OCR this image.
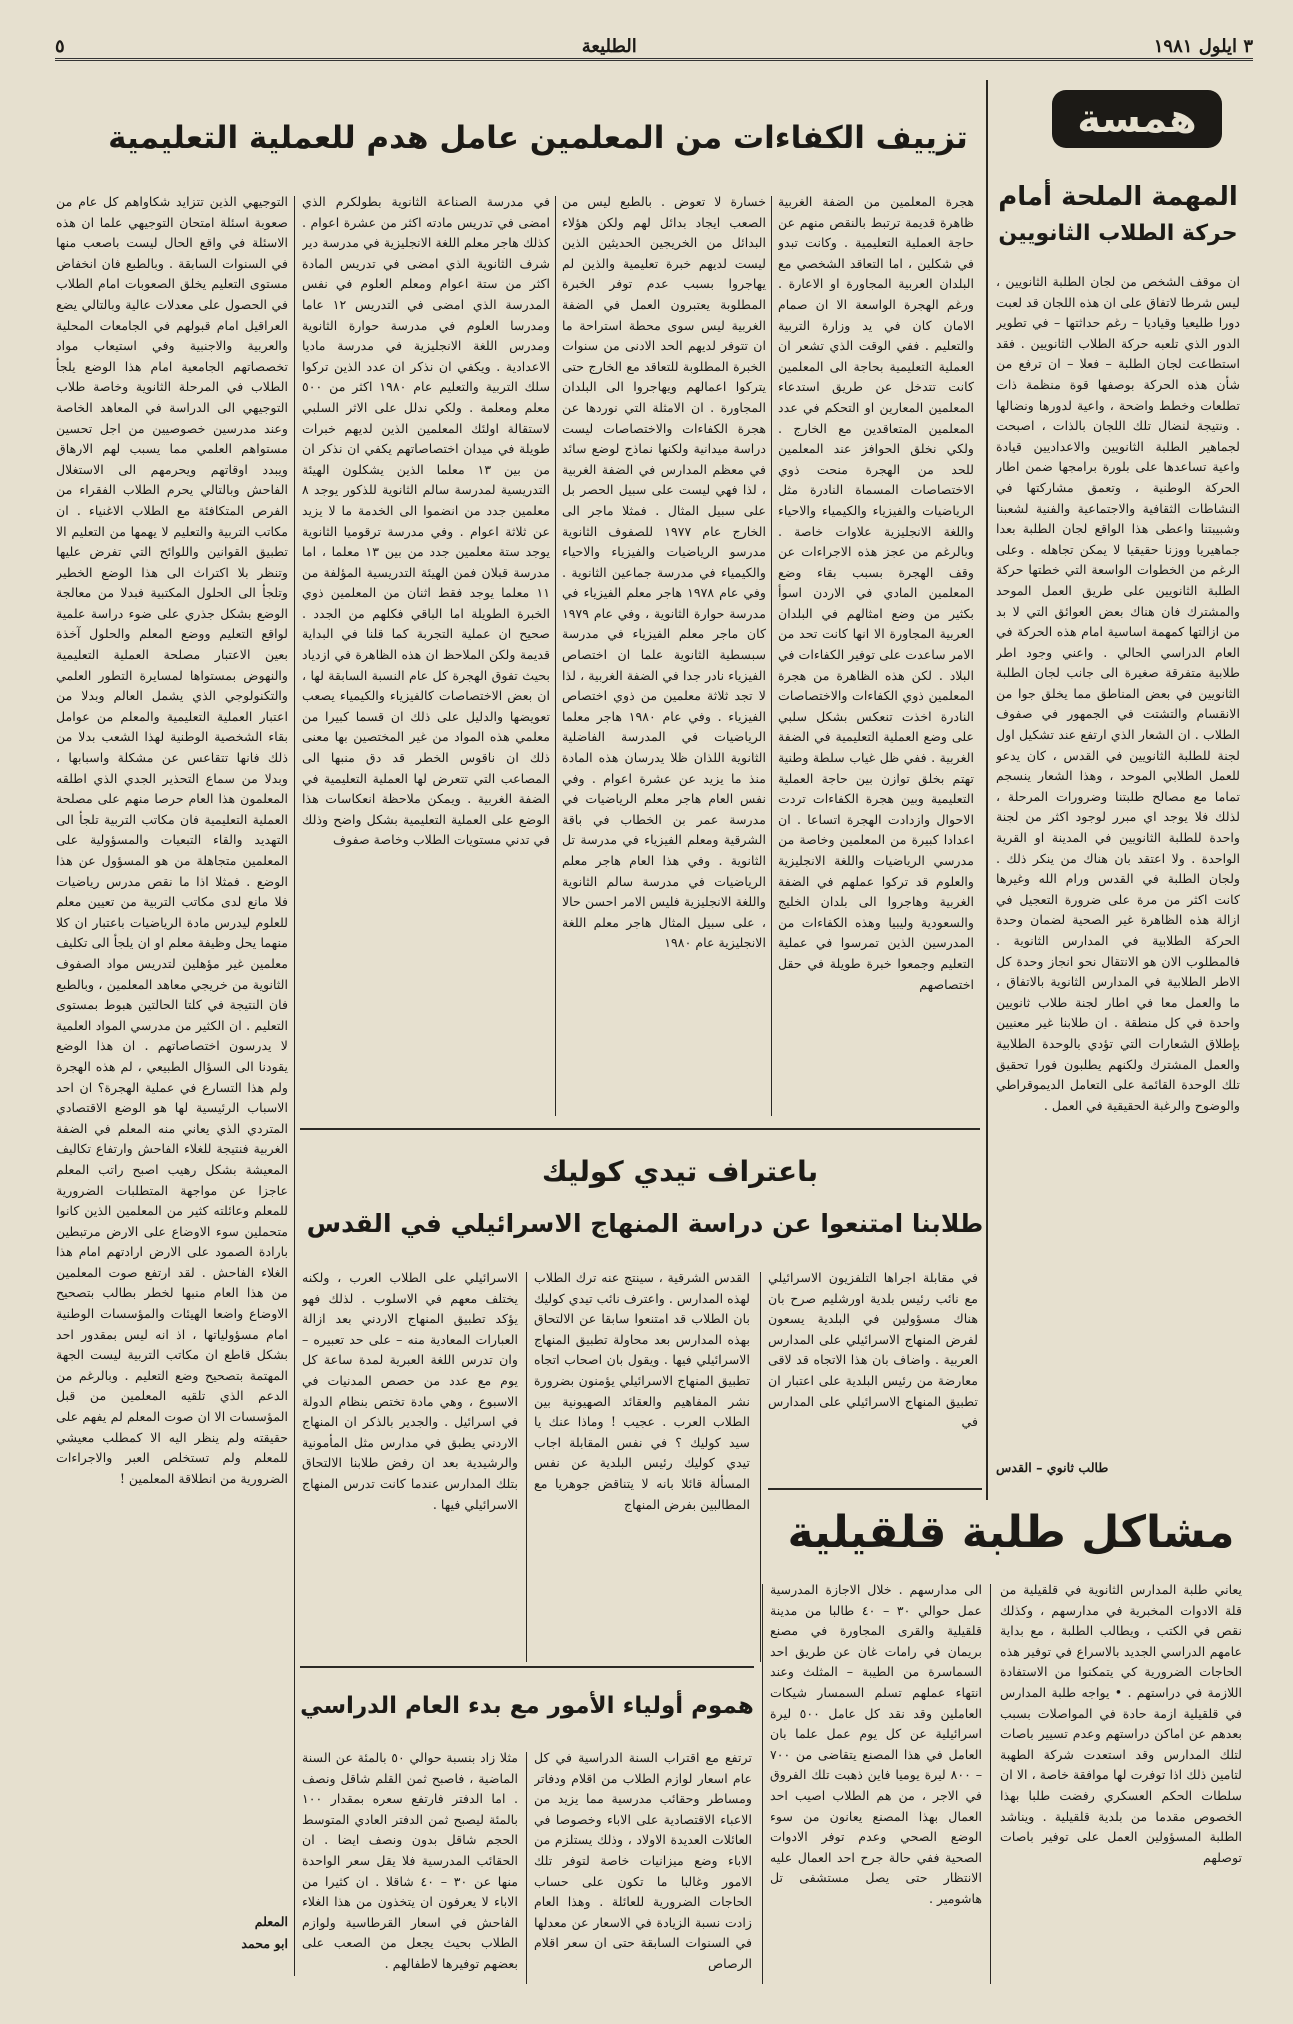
٣ ايلول ١٩٨١
الطليعة
٥
همسة
المهمة الملحة أمام
حركة الطلاب الثانويين

ان موقف الشخص من لجان الطلبة الثانويين ، ليس شرطا لاتفاق على ان هذه اللجان قد لعبت دورا طليعيا وقياديا – رغم حداثتها – في تطوير الدور الذي تلعبه حركة الطلاب الثانويين . فقد استطاعت لجان الطلبة – فعلا – ان ترفع من شأن هذه الحركة بوصفها قوة منظمة ذات تطلعات وخطط واضحة ، واعية لدورها ونضالها . ونتيجة لنضال تلك اللجان بالذات ، اصبحت لجماهير الطلبة الثانويين والاعداديين قيادة واعية تساعدها على بلورة برامجها ضمن اطار الحركة الوطنية ، وتعمق مشاركتها في النشاطات الثقافية والاجتماعية والفنية لشعبنا وشبيبتنا واعطى هذا الواقع لجان الطلبة بعدا جماهيريا ووزنا حقيقيا لا يمكن تجاهله . وعلى الرغم من الخطوات الواسعة التي خطتها حركة الطلبة الثانويين على طريق العمل الموحد والمشترك فان هناك بعض العوائق التي لا بد من ازالتها كمهمة اساسية امام هذه الحركة في العام الدراسي الحالي . واعني وجود اطر طلابية متفرقة صغيرة الى جانب لجان الطلبة الثانويين في بعض المناطق مما يخلق جوا من الانقسام والتشتت في الجمهور في صفوف الطلاب . ان الشعار الذي ارتفع عند تشكيل اول لجنة للطلبة الثانويين في القدس ، كان يدعو للعمل الطلابي الموحد ، وهذا الشعار ينسجم تماما مع مصالح طلبتنا وضرورات المرحلة ، لذلك فلا يوجد اي مبرر لوجود اكثر من لجنة واحدة للطلبة الثانويين في المدينة او القرية الواحدة . ولا اعتقد بان هناك من ينكر ذلك . ولجان الطلبة في القدس ورام الله وغيرها كانت اكثر من مرة على ضرورة التعجيل في ازالة هذه الظاهرة غير الصحية لضمان وحدة الحركة الطلابية في المدارس الثانوية . فالمطلوب الان هو الانتقال نحو انجاز وحدة كل الاطر الطلابية في المدارس الثانوية بالاتفاق ، ما والعمل معا في اطار لجنة طلاب ثانويين واحدة في كل منطقة . ان طلابنا غير معنيين بإطلاق الشعارات التي تؤدي بالوحدة الطلابية والعمل المشترك ولكنهم يطلبون فورا تحقيق تلك الوحدة القائمة على التعامل الديموقراطي والوضوح والرغبة الحقيقية في العمل .

طالب ثانوي – القدس
تزييف الكفاءات من المعلمين عامل هدم للعملية التعليمية

هجرة المعلمين من الضفة الغربية ظاهرة قديمة ترتبط بالنقص منهم عن حاجة العملية التعليمية . وكانت تبدو في شكلين ، اما التعاقد الشخصي مع البلدان العربية المجاورة او الاعارة . ورغم الهجرة الواسعة الا ان صمام الامان كان في يد وزارة التربية والتعليم . ففي الوقت الذي تشعر ان العملية التعليمية بحاجة الى المعلمين كانت تتدخل عن طريق استدعاء المعلمين المعارين او التحكم في عدد المعلمين المتعاقدين مع الخارج . ولكي نخلق الحوافز عند المعلمين للحد من الهجرة منحت ذوي الاختصاصات المسماة النادرة مثل الرياضيات والفيزياء والكيمياء والاحياء واللغة الانجليزية علاوات خاصة . وبالرغم من عجز هذه الاجراءات عن وقف الهجرة بسبب بقاء وضع المعلمين المادي في الاردن اسوأ بكثير من وضع امثالهم في البلدان العربية المجاورة الا انها كانت تحد من الامر ساعدت على توفير الكفاءات في البلاد . لكن هذه الظاهرة من هجرة المعلمين ذوي الكفاءات والاختصاصات النادرة اخذت تنعكس بشكل سلبي على وضع العملية التعليمية في الضفة الغربية . ففي ظل غياب سلطة وطنية تهتم بخلق توازن بين حاجة العملية التعليمية وبين هجرة الكفاءات تردت الاحوال وازدادت الهجرة اتساعا . ان اعدادا كبيرة من المعلمين وخاصة من مدرسي الرياضيات واللغة الانجليزية والعلوم قد تركوا عملهم في الضفة الغربية وهاجروا الى بلدان الخليج والسعودية وليبيا وهذه الكفاءات من المدرسين الذين تمرسوا في عملية التعليم وجمعوا خبرة طويلة في حقل اختصاصهم

خسارة لا تعوض . بالطبع ليس من الصعب ايجاد بدائل لهم ولكن هؤلاء البدائل من الخريجين الحديثين الذين ليست لديهم خبرة تعليمية والذين لم يهاجروا بسبب عدم توفر الخبرة المطلوبة يعتبرون العمل في الضفة الغربية ليس سوى محطة استراحة ما ان تتوفر لديهم الحد الادنى من سنوات الخبرة المطلوبة للتعاقد مع الخارج حتى يتركوا اعمالهم ويهاجروا الى البلدان المجاورة . ان الامثلة التي نوردها عن هجرة الكفاءات والاختصاصات ليست دراسة ميدانية ولكنها نماذج لوضع سائد في معظم المدارس في الضفة الغربية ، لذا فهي ليست على سبيل الحصر بل على سبيل المثال . فمثلا ماجر الى الخارج عام ١٩٧٧ للصفوف الثانوية مدرسو الرياضيات والفيزياء والاحياء والكيمياء في مدرسة جماعين الثانوية . وفي عام ١٩٧٨ هاجر معلم الفيزياء في مدرسة حوارة الثانوية ، وفي عام ١٩٧٩ كان ماجر معلم الفيزياء في مدرسة سبسطية الثانوية علما ان اختصاص الفيزياء نادر جدا في الضفة الغربية ، لذا لا تجد ثلاثة معلمين من ذوي اختصاص الفيزياء . وفي عام ١٩٨٠ هاجر معلما الرياضيات في المدرسة الفاضلية الثانوية اللذان ظلا يدرسان هذه المادة منذ ما يزيد عن عشرة اعوام . وفي نفس العام هاجر معلم الرياضيات في مدرسة عمر بن الخطاب في باقة الشرقية ومعلم الفيزياء في مدرسة تل الثانوية . وفي هذا العام هاجر معلم الرياضيات في مدرسة سالم الثانوية واللغة الانجليزية فليس الامر احسن حالا ، على سبيل المثال هاجر معلم اللغة الانجليزية عام ١٩٨٠

في مدرسة الصناعة الثانوية بطولكرم الذي امضى في تدريس مادته اكثر من عشرة اعوام . كذلك هاجر معلم اللغة الانجليزية في مدرسة دير شرف الثانوية الذي امضى في تدريس المادة اكثر من ستة اعوام ومعلم العلوم في نفس المدرسة الذي امضى في التدريس ١٢ عاما ومدرسا العلوم في مدرسة حوارة الثانوية ومدرس اللغة الانجليزية في مدرسة ماديا الاعدادية . ويكفي ان نذكر ان عدد الذين تركوا سلك التربية والتعليم عام ١٩٨٠ اكثر من ٥٠٠ معلم ومعلمة . ولكي ندلل على الاثر السلبي لاستقالة اولئك المعلمين الذين لديهم خبرات طويلة في ميدان اختصاصاتهم يكفي ان نذكر ان من بين ١٣ معلما الذين يشكلون الهيئة التدريسية لمدرسة سالم الثانوية للذكور يوجد ٨ معلمين جدد من انضموا الى الخدمة ما لا يزيد عن ثلاثة اعوام . وفي مدرسة ترقوميا الثانوية يوجد ستة معلمين جدد من بين ١٣ معلما ، اما مدرسة قبلان فمن الهيئة التدريسية المؤلفة من ١١ معلما يوجد فقط اثنان من المعلمين ذوي الخبرة الطويلة اما الباقي فكلهم من الجدد . صحيح ان عملية التجربة كما قلنا في البداية قديمة ولكن الملاحظ ان هذه الظاهرة في ازدياد بحيث تفوق الهجرة كل عام النسبة السابقة لها ، ان بعض الاختصاصات كالفيزياء والكيمياء يصعب تعويضها والدليل على ذلك ان قسما كبيرا من معلمي هذه المواد من غير المختصين بها معنى ذلك ان ناقوس الخطر قد دق منبها الى المصاعب التي تتعرض لها العملية التعليمية في الضفة الغربية . ويمكن ملاحظة انعكاسات هذا الوضع على العملية التعليمية بشكل واضح وذلك في تدني مستويات الطلاب وخاصة صفوف

التوجيهي الذين تتزايد شكاواهم كل عام من صعوبة اسئلة امتحان التوجيهي علما ان هذه الاسئلة في واقع الحال ليست باصعب منها في السنوات السابقة . وبالطبع فان انخفاض مستوى التعليم يخلق الصعوبات امام الطلاب في الحصول على معدلات عالية وبالتالي يضع العراقيل امام قبولهم في الجامعات المحلية والعربية والاجنبية وفي استيعاب مواد تخصصاتهم الجامعية امام هذا الوضع يلجأ الطلاب في المرحلة الثانوية وخاصة طلاب التوجيهي الى الدراسة في المعاهد الخاصة وعند مدرسين خصوصيين من اجل تحسين مستواهم العلمي مما يسبب لهم الارهاق ويبدد اوقاتهم ويحرمهم الى الاستغلال الفاحش وبالتالي يحرم الطلاب الفقراء من الفرص المتكافئة مع الطلاب الاغنياء . ان مكاتب التربية والتعليم لا يهمها من التعليم الا تطبيق القوانين واللوائح التي تفرض عليها وتنظر بلا اكتراث الى هذا الوضع الخطير وتلجأ الى الحلول المكتبية فبدلا من معالجة الوضع بشكل جذري على ضوء دراسة علمية لواقع التعليم ووضع المعلم والحلول آخذة بعين الاعتبار مصلحة العملية التعليمية والنهوض بمستواها لمسايرة التطور العلمي والتكنولوجي الذي يشمل العالم وبدلا من اعتبار العملية التعليمية والمعلم من عوامل بقاء الشخصية الوطنية لهذا الشعب بدلا من ذلك فانها تتقاعس عن مشكلة واسبابها ، وبدلا من سماع التحذير الجدي الذي اطلقه المعلمون هذا العام حرصا منهم على مصلحة العملية التعليمية فان مكاتب التربية تلجأ الى التهديد والقاء التبعيات والمسؤولية على المعلمين متجاهلة من هو المسؤول عن هذا الوضع . فمثلا اذا ما نقص مدرس رياضيات فلا مانع لدى مكاتب التربية من تعيين معلم للعلوم ليدرس مادة الرياضيات باعتبار ان كلا منهما يحل وظيفة معلم او ان يلجأ الى تكليف معلمين غير مؤهلين لتدريس مواد الصفوف الثانوية من خريجي معاهد المعلمين ، وبالطبع فان النتيجة في كلتا الحالتين هبوط بمستوى التعليم . ان الكثير من مدرسي المواد العلمية لا يدرسون اختصاصاتهم . ان هذا الوضع يقودنا الى السؤال الطبيعي ، لم هذه الهجرة ولم هذا التسارع في عملية الهجرة؟ ان احد الاسباب الرئيسية لها هو الوضع الاقتصادي المتردي الذي يعاني منه المعلم في الضفة الغربية فنتيجة للغلاء الفاحش وارتفاع تكاليف المعيشة بشكل رهيب اصبح راتب المعلم عاجزا عن مواجهة المتطلبات الضرورية للمعلم وعائلته كثير من المعلمين الذين كانوا متحملين سوء الاوضاع على الارض مرتبطين بارادة الصمود على الارض ارادتهم امام هذا الغلاء الفاحش . لقد ارتفع صوت المعلمين من هذا العام منبها لخطر بطالب بتصحيح الاوضاع واضعا الهيئات والمؤسسات الوطنية امام مسؤولياتها ، اذ انه ليس بمقدور احد بشكل قاطع ان مكاتب التربية ليست الجهة المهتمة بتصحيح وضع التعليم . وبالرغم من الدعم الذي تلقيه المعلمين من قبل المؤسسات الا ان صوت المعلم لم يفهم على حقيقته ولم ينظر اليه الا كمطلب معيشي للمعلم ولم تستخلص العبر والاجراءات الضرورية من انطلاقة المعلمين !

المعلم
ابو محمد
باعتراف تيدي كوليك
طلابنا امتنعوا عن دراسة المنهاج الاسرائيلي في القدس

في مقابلة اجراها التلفزيون الاسرائيلي مع نائب رئيس بلدية اورشليم صرح بان هناك مسؤولين في البلدية يسعون لفرض المنهاج الاسرائيلي على المدارس العربية . واضاف بان هذا الاتجاه قد لاقى معارضة من رئيس البلدية على اعتبار ان تطبيق المنهاج الاسرائيلي على المدارس في

القدس الشرقية ، سينتج عنه ترك الطلاب لهذه المدارس . واعترف نائب تيدي كوليك بان الطلاب قد امتنعوا سابقا عن الالتحاق بهذه المدارس بعد محاولة تطبيق المنهاج الاسرائيلي فيها . ويقول بان اصحاب اتجاه تطبيق المنهاج الاسرائيلي يؤمنون بضرورة نشر المفاهيم والعقائد الصهيونية بين الطلاب العرب . عجيب ! وماذا عنك يا سيد كوليك ؟ في نفس المقابلة اجاب تيدي كوليك رئيس البلدية عن نفس المسألة قائلا بانه لا يتناقض جوهريا مع المطالبين بفرض المنهاج

الاسرائيلي على الطلاب العرب ، ولكنه يختلف معهم في الاسلوب . لذلك فهو يؤكد تطبيق المنهاج الاردني بعد ازالة العبارات المعادية منه – على حد تعبيره – وان تدرس اللغة العبرية لمدة ساعة كل يوم مع عدد من حصص المدنيات في الاسبوع ، وهي مادة تختص بنظام الدولة في اسرائيل . والجدير بالذكر ان المنهاج الاردني يطبق في مدارس مثل المأمونية والرشيدية بعد ان رفض طلابنا الالتحاق بتلك المدارس عندما كانت تدرس المنهاج الاسرائيلي فيها .

مشاكل طلبة قلقيلية

يعاني طلبة المدارس الثانوية في قلقيلية من قلة الادوات المخبرية في مدارسهم ، وكذلك نقص في الكتب ، ويطالب الطلبة ، مع بداية عامهم الدراسي الجديد بالاسراع في توفير هذه الحاجات الضرورية كي يتمكنوا من الاستفادة اللازمة في دراستهم . • يواجه طلبة المدارس في قلقيلية ازمة حادة في المواصلات بسبب بعدهم عن اماكن دراستهم وعدم تسيير باصات لتلك المدارس وقد استعدت شركة الطهبة لتامين ذلك اذا توفرت لها موافقة خاصة ، الا ان سلطات الحكم العسكري رفضت طلبا بهذا الخصوص مقدما من بلدية قلقيلية . ويناشد الطلبة المسؤولين العمل على توفير باصات توصلهم

الى مدارسهم . خلال الاجازة المدرسية عمل حوالي ٣٠ – ٤٠ طالبا من مدينة قلقيلية والقرى المجاورة في مصنع بريمان في رامات غان عن طريق احد السماسرة من الطيبة – المثلث وعند انتهاء عملهم تسلم السمسار شيكات العاملين وقد نقد كل عامل ٥٠٠ ليرة اسرائيلية عن كل يوم عمل علما بان العامل في هذا المصنع يتقاضى من ٧٠٠ – ٨٠٠ ليرة يوميا فاين ذهبت تلك الفروق في الاجر ، من هم الطلاب اصيب احد العمال بهذا المصنع يعانون من سوء الوضع الصحي وعدم توفر الادوات الصحية ففي حالة جرح احد العمال عليه الانتظار حتى يصل مستشفى تل هاشومير .

هموم أولياء الأمور مع بدء العام الدراسي

ترتفع مع اقتراب السنة الدراسية في كل عام اسعار لوازم الطلاب من اقلام ودفاتر ومساطر وحقائب مدرسية مما يزيد من الاعباء الاقتصادية على الاباء وخصوصا في العائلات العديدة الاولاد ، وذلك يستلزم من الاباء وضع ميزانيات خاصة لتوفر تلك الامور وغالبا ما تكون على حساب الحاجات الضرورية للعائلة . وهذا العام زادت نسبة الزيادة في الاسعار عن معدلها في السنوات السابقة حتى ان سعر اقلام الرصاص

مثلا زاد بنسبة حوالي ٥٠ بالمئة عن السنة الماضية ، فاصبح ثمن القلم شاقل ونصف . اما الدفتر فارتفع سعره بمقدار ١٠٠ بالمئة ليصبح ثمن الدفتر العادي المتوسط الحجم شاقل بدون ونصف ايضا . ان الحقائب المدرسية فلا يقل سعر الواحدة منها عن ٣٠ – ٤٠ شاقلا . ان كثيرا من الاباء لا يعرفون ان يتخذون من هذا الغلاء الفاحش في اسعار القرطاسية ولوازم الطلاب بحيث يجعل من الصعب على بعضهم توفيرها لاطفالهم .
